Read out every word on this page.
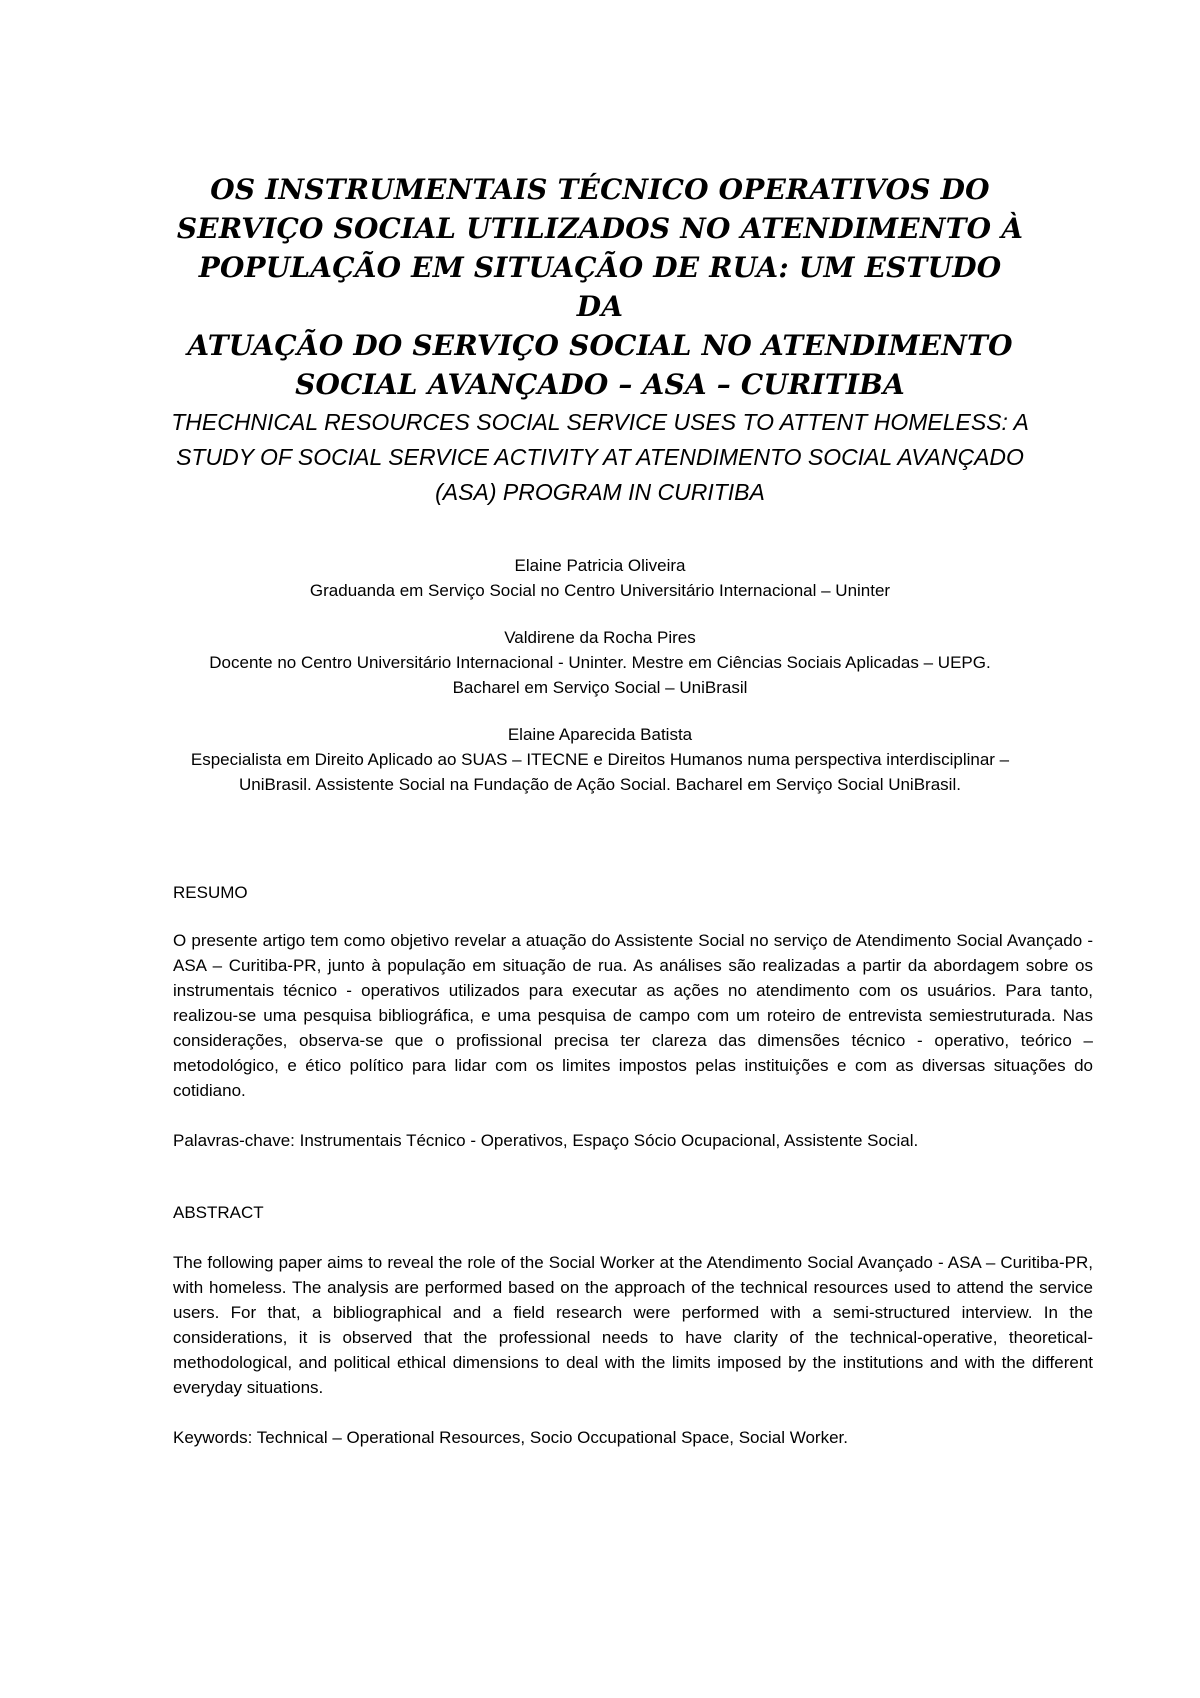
OS INSTRUMENTAIS TÉCNICO OPERATIVOS DO
SERVIÇO SOCIAL UTILIZADOS NO ATENDIMENTO À
POPULAÇÃO EM SITUAÇÃO DE RUA: UM ESTUDO DA
ATUAÇÃO DO SERVIÇO SOCIAL NO ATENDIMENTO
SOCIAL AVANÇADO – ASA – CURITIBA
THECHNICAL RESOURCES SOCIAL SERVICE USES TO ATTENT HOMELESS: A
STUDY OF SOCIAL SERVICE ACTIVITY AT ATENDIMENTO SOCIAL AVANÇADO
(ASA) PROGRAM IN CURITIBA
Elaine Patricia Oliveira
Graduanda em Serviço Social no Centro Universitário Internacional – Uninter
Valdirene da Rocha Pires
Docente no Centro Universitário Internacional - Uninter. Mestre em Ciências Sociais Aplicadas – UEPG.
Bacharel em Serviço Social – UniBrasil
Elaine Aparecida Batista
Especialista em Direito Aplicado ao SUAS – ITECNE e Direitos Humanos numa perspectiva interdisciplinar –
UniBrasil. Assistente Social na Fundação de Ação Social. Bacharel em Serviço Social UniBrasil.

RESUMO

O presente artigo tem como objetivo revelar a atuação do Assistente Social no serviço de Atendimento Social Avançado - ASA – Curitiba-PR, junto à população em situação de rua. As análises são realizadas a partir da abordagem sobre os instrumentais técnico - operativos utilizados para executar as ações no atendimento com os usuários. Para tanto, realizou-se uma pesquisa bibliográfica, e uma pesquisa de campo com um roteiro de entrevista semiestruturada. Nas considerações, observa-se que o profissional precisa ter clareza das dimensões técnico - operativo, teórico – metodológico, e ético político para lidar com os limites impostos pelas instituições e com as diversas situações do cotidiano.

Palavras-chave: Instrumentais Técnico - Operativos, Espaço Sócio Ocupacional, Assistente Social.

ABSTRACT

The following paper aims to reveal the role of the Social Worker at the Atendimento Social Avançado - ASA – Curitiba-PR, with homeless. The analysis are performed based on the approach of the technical resources used to attend the service users. For that, a bibliographical and a field research were performed with a semi-structured interview. In the considerations, it is observed that the professional needs to have clarity of the technical-operative, theoretical-methodological, and political ethical dimensions to deal with the limits imposed by the institutions and with the different everyday situations.

Keywords: Technical – Operational Resources, Socio Occupational Space, Social Worker.
